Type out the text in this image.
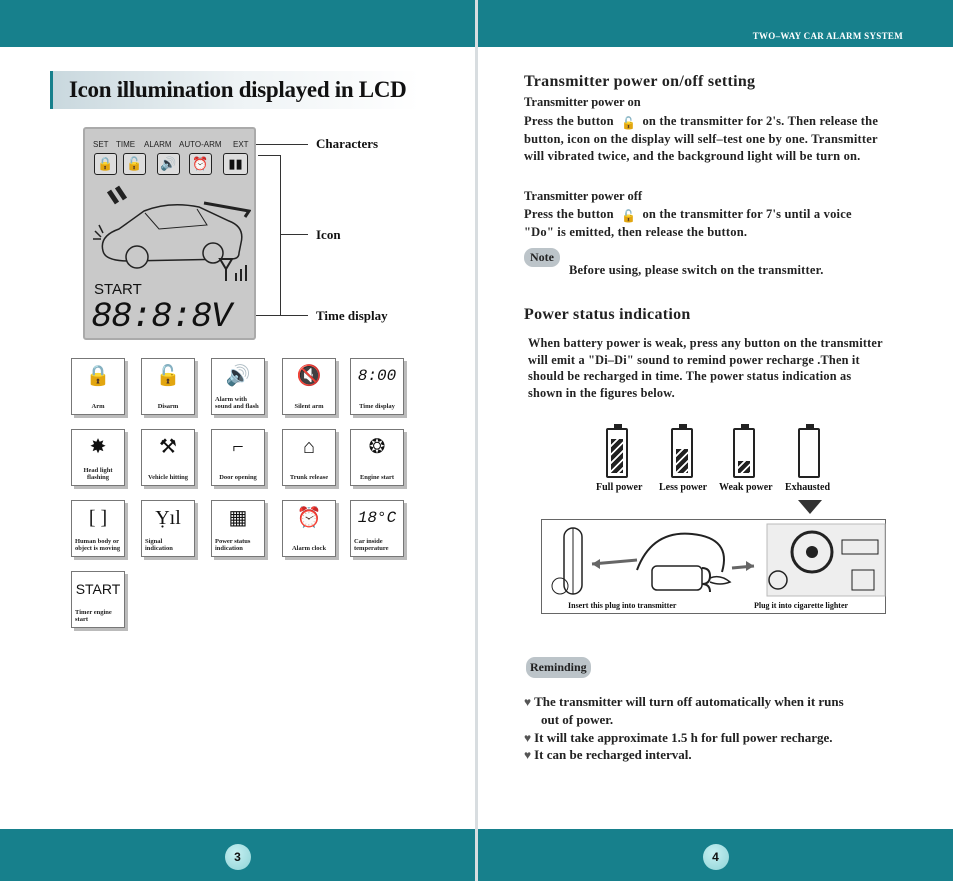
Icon illumination displayed in LCD
SET TIME ALARM AUTO-ARM EXT
🔒 🔓 🔊 ⏰	▮▮
START
88:8:8V
Characters
Icon
Time display
🔒
Arm
🔓
Disarm
🔊
Alarm with sound and flash
🔇
Silent arm
8:00
Time display
✸
Head light flashing
⚒
Vehicle hitting
⌐
Door opening
⌂
Trunk release
❂
Engine start
[ ]
Human body or object is moving
Ỵıl
Signal indication
▦
Power status indication
⏰
Alarm clock
18°C
Car inside temperature
START
Timer engine start
3
TWO–WAY CAR ALARM SYSTEM
Transmitter power on/off setting
Transmitter power on
Press the button 🔓 on the transmitter for 2's. Then release the
button, icon on the display will self–test one by one. Transmitter
will vibrated twice, and the background light will be turn on.
Transmitter power off
Press the button 🔓 on the transmitter for 7's until a voice
"Do" is emitted, then release the button.
Note
Before using, please switch on the transmitter.
Power status indication
When battery power is weak, press any button on the transmitter
will emit a "Di–Di" sound to remind power recharge .Then it
should be recharged in time. The power status indication as
shown in the figures below.
Full power Less power Weak power Exhausted
Insert this plug into transmitter	Plug it into cigarette lighter
Reminding
♥ The transmitter will turn off automatically when it runs
out of power.
♥ It will take approximate 1.5 h for full power recharge.
♥ It can be recharged interval.
4
